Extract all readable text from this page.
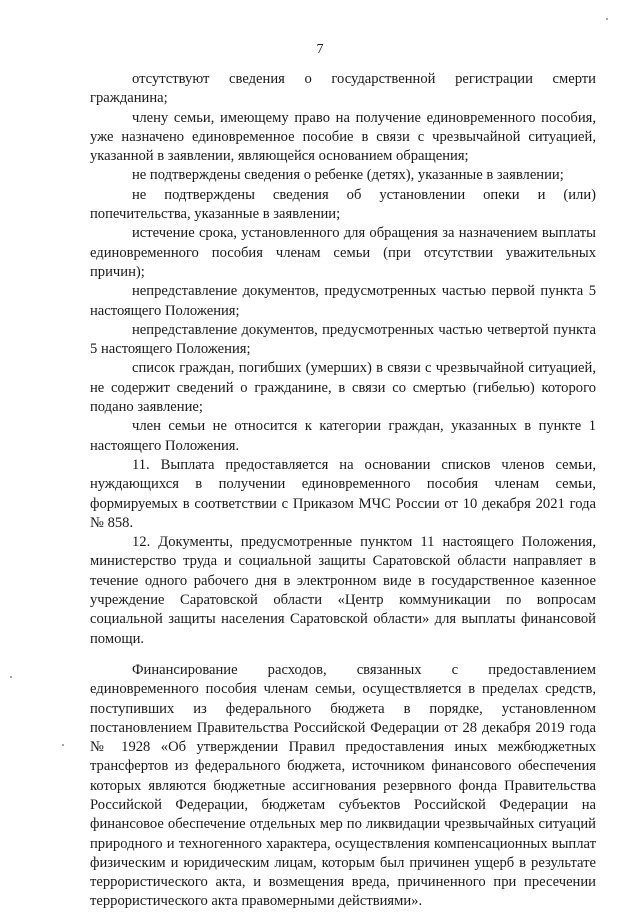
7

отсутствуют сведения о государственной регистрации смерти гражданина;

члену семьи, имеющему право на получение единовременного пособия, уже назначено единовременное пособие в связи с чрезвычайной ситуацией, указанной в заявлении, являющейся основанием обращения;

не подтверждены сведения о ребенке (детях), указанные в заявлении;

не подтверждены сведения об установлении опеки и (или) попечительства, указанные в заявлении;

истечение срока, установленного для обращения за назначением выплаты единовременного пособия членам семьи (при отсутствии уважительных причин);

непредставление документов, предусмотренных частью первой пункта 5 настоящего Положения;

непредставление документов, предусмотренных частью четвертой пункта 5 настоящего Положения;

список граждан, погибших (умерших) в связи с чрезвычайной ситуацией, не содержит сведений о гражданине, в связи со смертью (гибелью) которого подано заявление;

член семьи не относится к категории граждан, указанных в пункте 1 настоящего Положения.

11. Выплата предоставляется на основании списков членов семьи, нуждающихся в получении единовременного пособия членам семьи, формируемых в соответствии с Приказом МЧС России от 10 декабря 2021 года № 858.

12. Документы, предусмотренные пунктом 11 настоящего Положения, министерство труда и социальной защиты Саратовской области направляет в течение одного рабочего дня в электронном виде в государственное казенное учреждение Саратовской области «Центр коммуникации по вопросам социальной защиты населения Саратовской области» для выплаты финансовой помощи.

Финансирование расходов, связанных с предоставлением единовременного пособия членам семьи, осуществляется в пределах средств, поступивших из федерального бюджета в порядке, установленном постановлением Правительства Российской Федерации от 28 декабря 2019 года № 1928 «Об утверждении Правил предоставления иных межбюджетных трансфертов из федерального бюджета, источником финансового обеспечения которых являются бюджетные ассигнования резервного фонда Правительства Российской Федерации, бюджетам субъектов Российской Федерации на финансовое обеспечение отдельных мер по ликвидации чрезвычайных ситуаций природного и техногенного характера, осуществления компенсационных выплат физическим и юридическим лицам, которым был причинен ущерб в результате террористического акта, и возмещения вреда, причиненного при пресечении террористического акта правомерными действиями».
